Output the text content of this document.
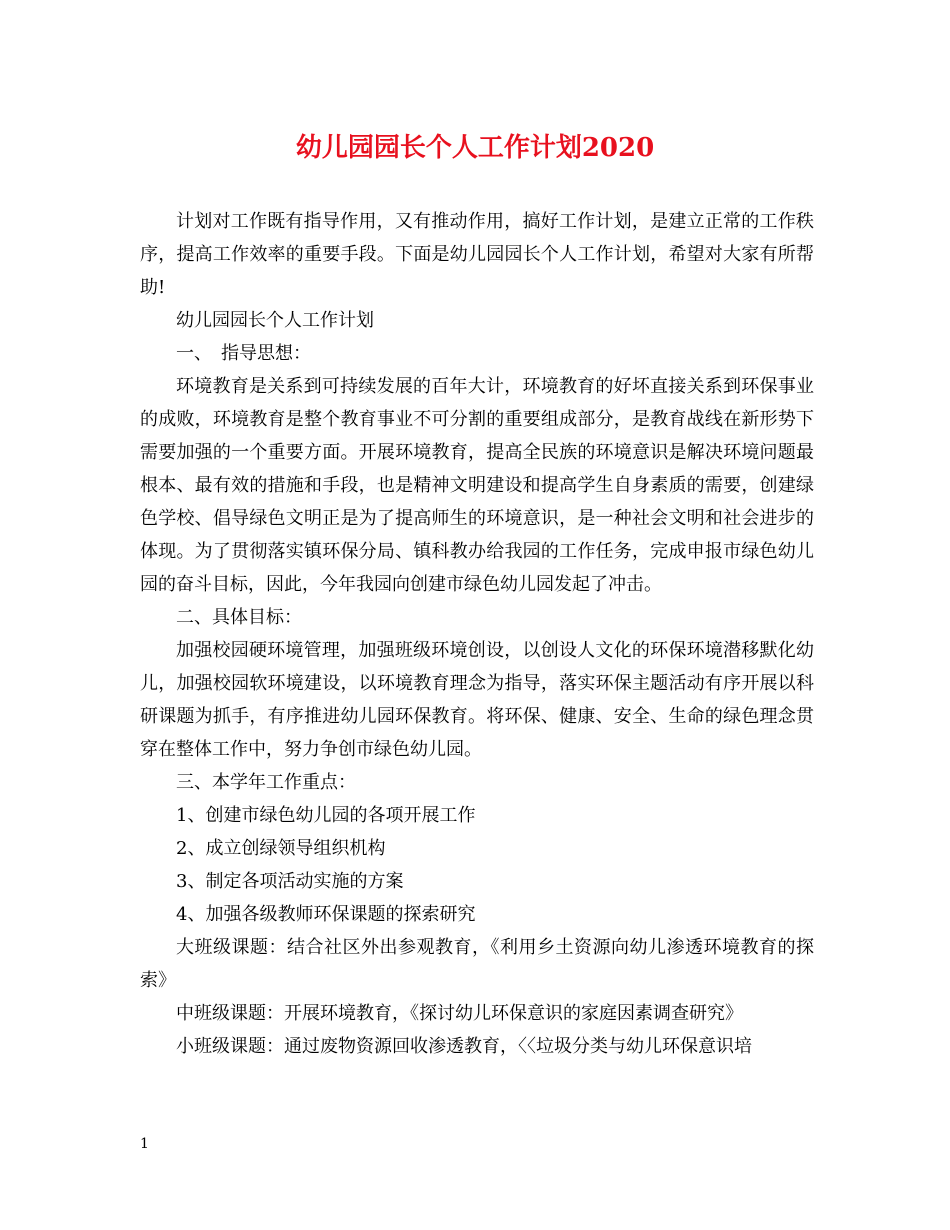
幼儿园园长个人工作计划2020

计划对工作既有指导作用，又有推动作用，搞好工作计划，是建立正常的工作秩序，提高工作效率的重要手段。下面是幼儿园园长个人工作计划，希望对大家有所帮助!

幼儿园园长个人工作计划

一、　指导思想：

环境教育是关系到可持续发展的百年大计，环境教育的好坏直接关系到环保事业的成败，环境教育是整个教育事业不可分割的重要组成部分，是教育战线在新形势下需要加强的一个重要方面。开展环境教育，提高全民族的环境意识是解决环境问题最根本、最有效的措施和手段，也是精神文明建设和提高学生自身素质的需要，创建绿色学校、倡导绿色文明正是为了提高师生的环境意识，是一种社会文明和社会进步的体现。为了贯彻落实镇环保分局、镇科教办给我园的工作任务，完成申报市绿色幼儿园的奋斗目标，因此，今年我园向创建市绿色幼儿园发起了冲击。

二、具体目标：

加强校园硬环境管理，加强班级环境创设，以创设人文化的环保环境潜移默化幼儿，加强校园软环境建设，以环境教育理念为指导，落实环保主题活动有序开展以科研课题为抓手，有序推进幼儿园环保教育。将环保、健康、安全、生命的绿色理念贯穿在整体工作中，努力争创市绿色幼儿园。

三、本学年工作重点：

1、创建市绿色幼儿园的各项开展工作

2、成立创绿领导组织机构

3、制定各项活动实施的方案

4、加强各级教师环保课题的探索研究

大班级课题：结合社区外出参观教育，《利用乡土资源向幼儿渗透环境教育的探索》

中班级课题：开展环境教育，《探讨幼儿环保意识的家庭因素调查研究》

小班级课题：通过废物资源回收渗透教育，〈〈垃圾分类与幼儿环保意识培

1
